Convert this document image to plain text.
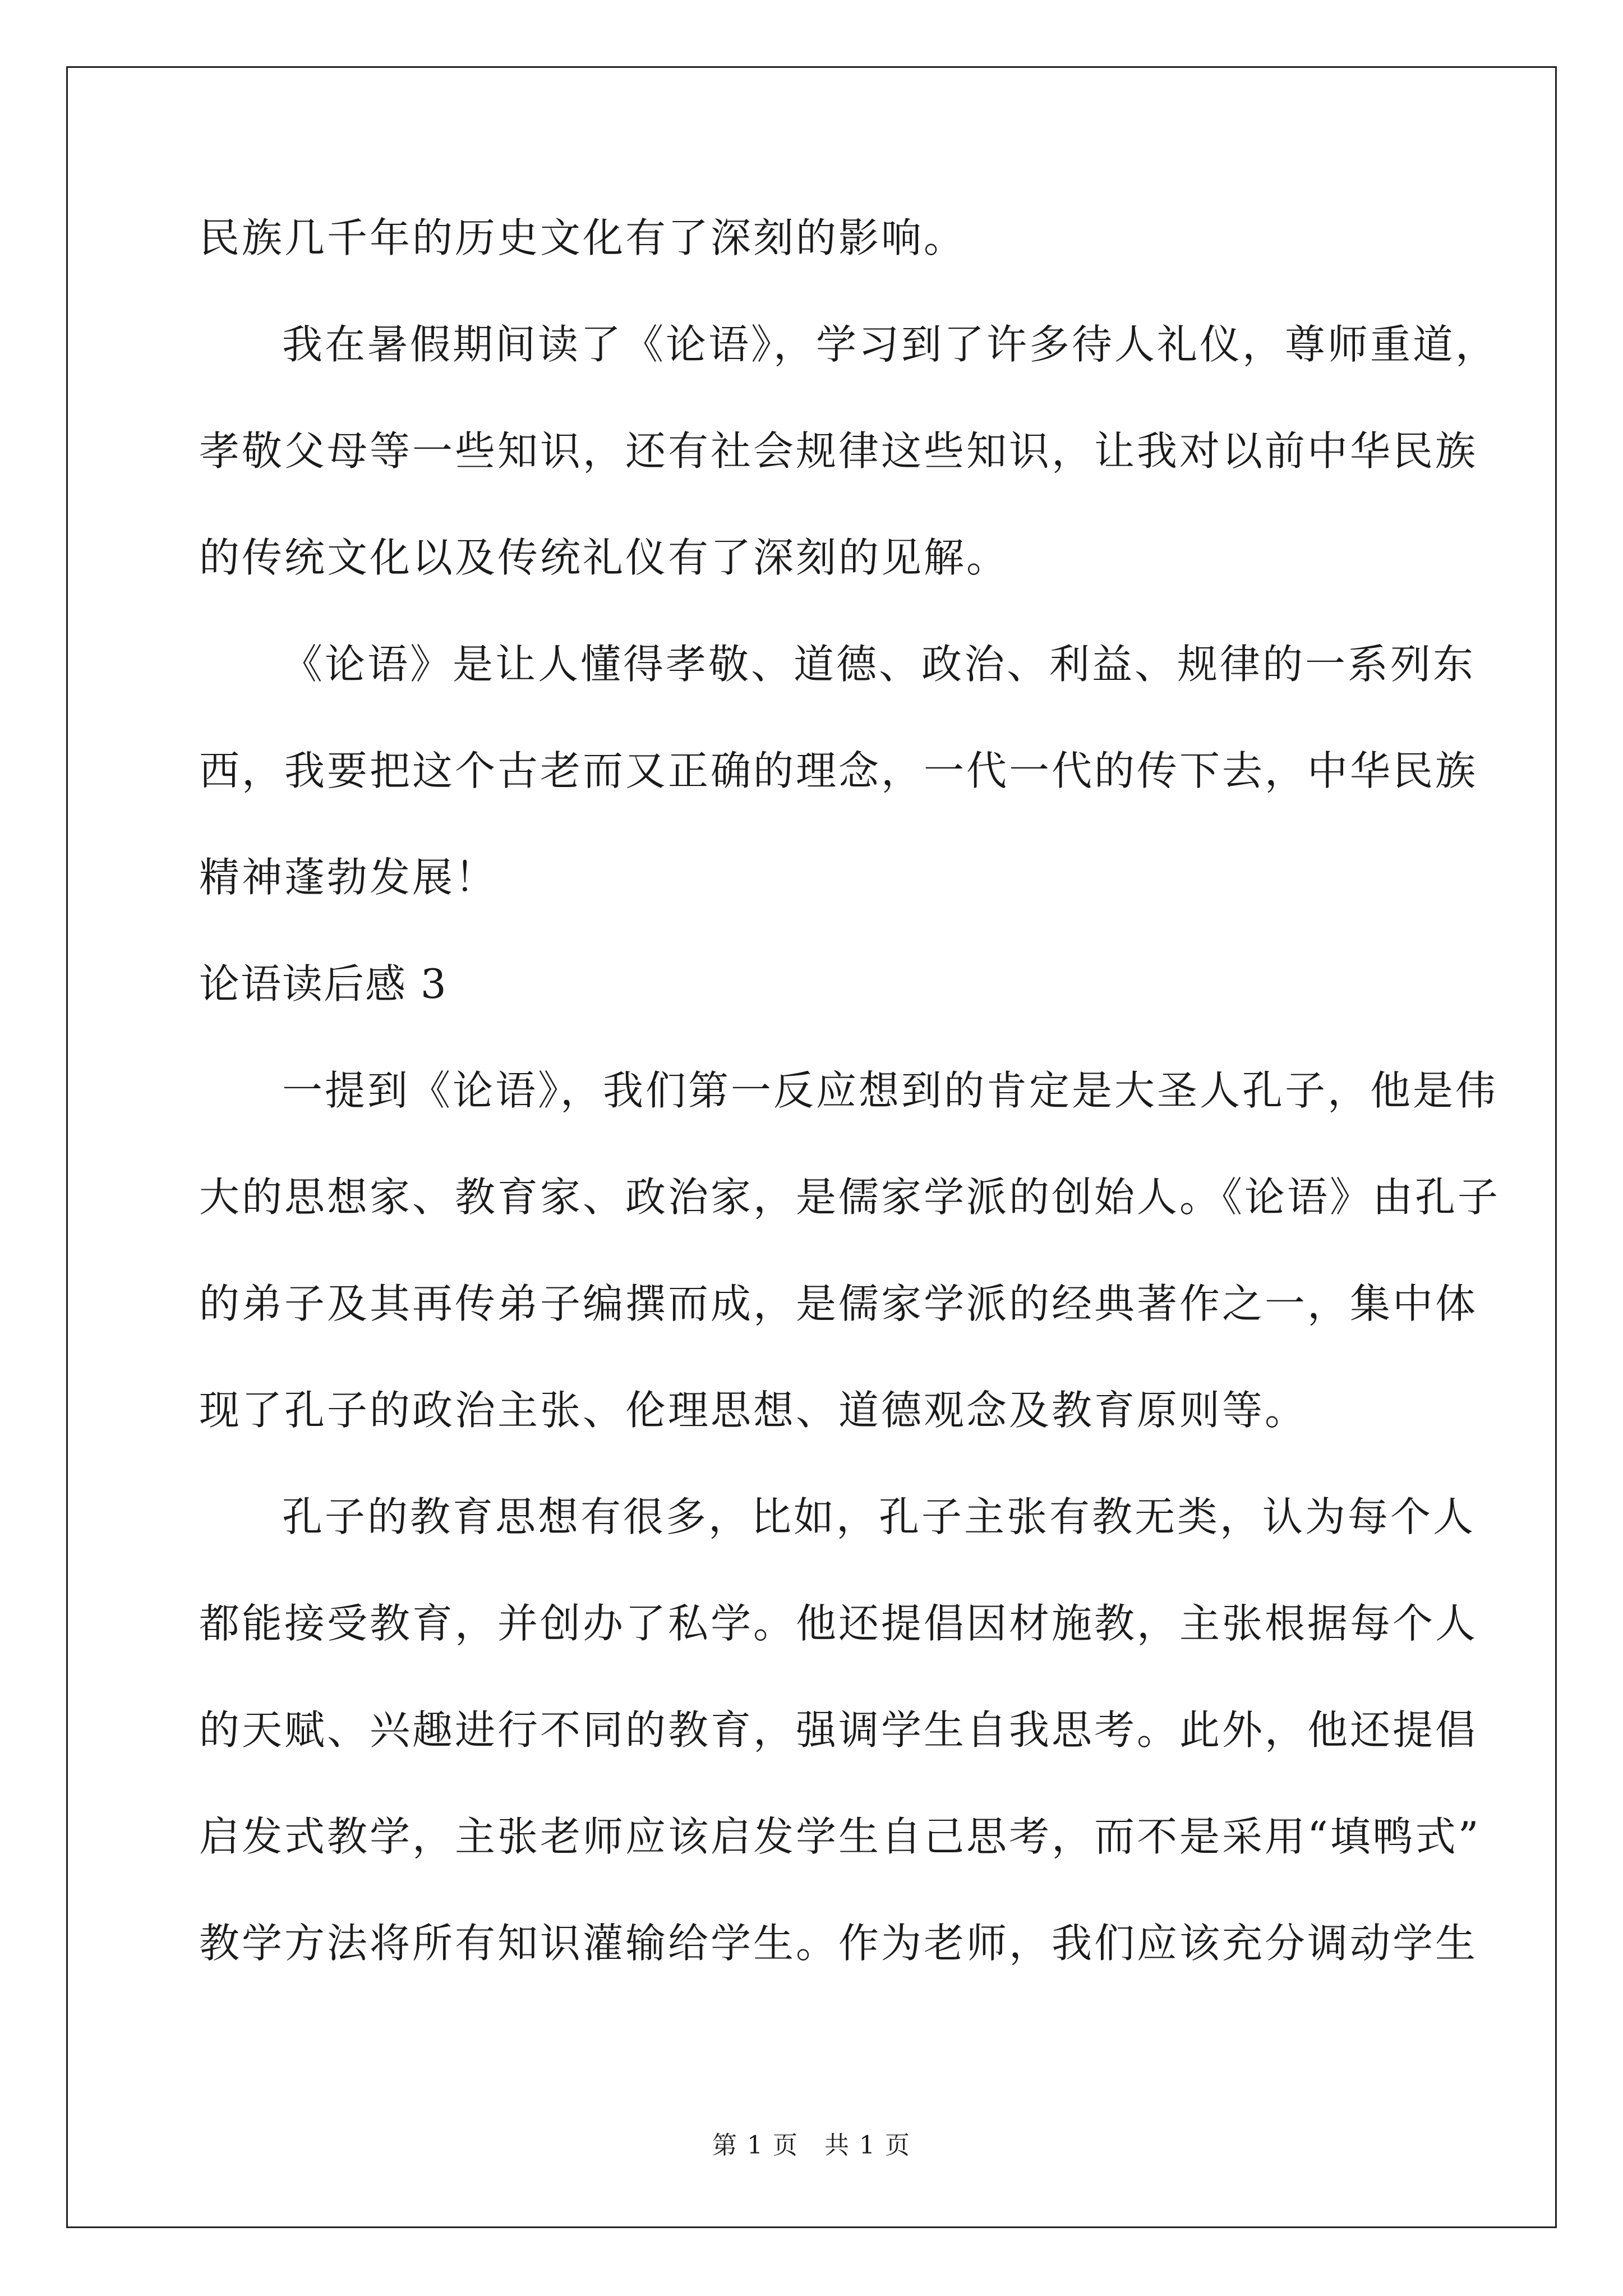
民族几千年的历史文化有了深刻的影响。
我在暑假期间读了《论语》，学习到了许多待人礼仪，尊师重道，
孝敬父母等一些知识，还有社会规律这些知识，让我对以前中华民族
的传统文化以及传统礼仪有了深刻的见解。
《论语》是让人懂得孝敬、道德、政治、利益、规律的一系列东
西，我要把这个古老而又正确的理念，一代一代的传下去，中华民族
精神蓬勃发展！
论语读后感 3
一提到《论语》，我们第一反应想到的肯定是大圣人孔子，他是伟
大的思想家、教育家、政治家，是儒家学派的创始人。《论语》由孔子
的弟子及其再传弟子编撰而成，是儒家学派的经典著作之一，集中体
现了孔子的政治主张、伦理思想、道德观念及教育原则等。
孔子的教育思想有很多，比如，孔子主张有教无类，认为每个人
都能接受教育，并创办了私学。他还提倡因材施教，主张根据每个人
的天赋、兴趣进行不同的教育，强调学生自我思考。此外，他还提倡
启发式教学，主张老师应该启发学生自己思考，而不是采用“填鸭式”
教学方法将所有知识灌输给学生。作为老师，我们应该充分调动学生
第 1 页　共 1 页
